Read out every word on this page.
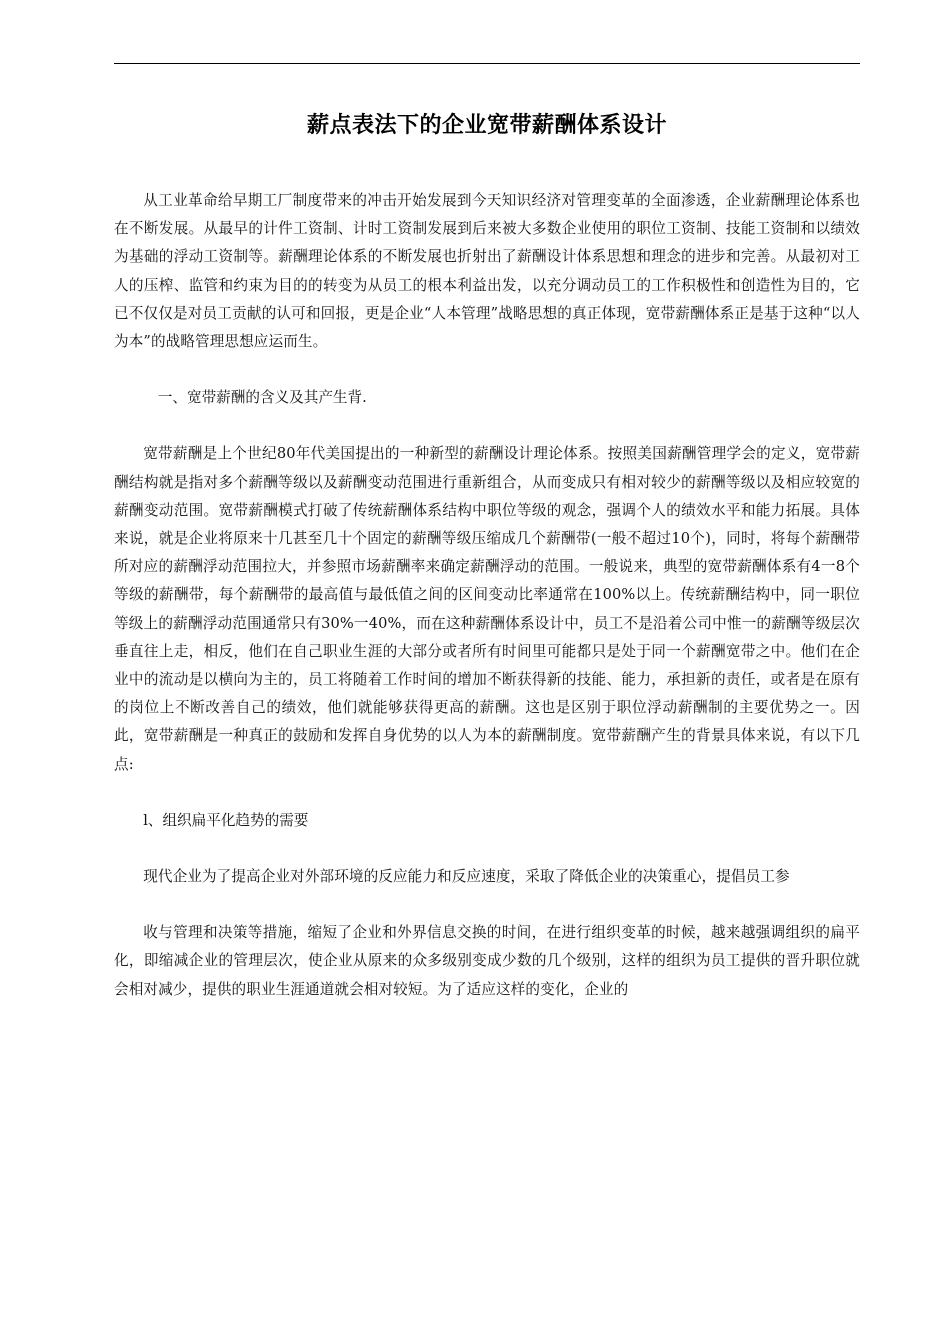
薪点表法下的企业宽带薪酬体系设计

从工业革命给早期工厂制度带来的冲击开始发展到今天知识经济对管理变革的全面渗透，企业薪酬理论体系也在不断发展。从最早的计件工资制、计时工资制发展到后来被大多数企业使用的职位工资制、技能工资制和以绩效为基础的浮动工资制等。薪酬理论体系的不断发展也折射出了薪酬设计体系思想和理念的进步和完善。从最初对工人的压榨、监管和约束为目的的转变为从员工的根本利益出发，以充分调动员工的工作积极性和创造性为目的，它已不仅仅是对员工贡献的认可和回报，更是企业“人本管理”战略思想的真正体现，宽带薪酬体系正是基于这种“以人为本”的战略管理思想应运而生。

一、宽带薪酬的含义及其产生背.

宽带薪酬是上个世纪80年代美国提出的一种新型的薪酬设计理论体系。按照美国薪酬管理学会的定义，宽带薪酬结构就是指对多个薪酬等级以及薪酬变动范围进行重新组合，从而变成只有相对较少的薪酬等级以及相应较宽的薪酬变动范围。宽带薪酬模式打破了传统薪酬体系结构中职位等级的观念，强调个人的绩效水平和能力拓展。具体来说，就是企业将原来十几甚至几十个固定的薪酬等级压缩成几个薪酬带(一般不超过10个)，同时，将每个薪酬带所对应的薪酬浮动范围拉大，并参照市场薪酬率来确定薪酬浮动的范围。一般说来，典型的宽带薪酬体系有4一8个等级的薪酬带，每个薪酬带的最高值与最低值之间的区间变动比率通常在100%以上。传统薪酬结构中，同一职位等级上的薪酬浮动范围通常只有30%一40%，而在这种薪酬体系设计中，员工不是沿着公司中惟一的薪酬等级层次垂直往上走，相反，他们在自己职业生涯的大部分或者所有时间里可能都只是处于同一个薪酬宽带之中。他们在企业中的流动是以横向为主的，员工将随着工作时间的增加不断获得新的技能、能力，承担新的责任，或者是在原有的岗位上不断改善自己的绩效，他们就能够获得更高的薪酬。这也是区别于职位浮动薪酬制的主要优势之一。因此，宽带薪酬是一种真正的鼓励和发挥自身优势的以人为本的薪酬制度。宽带薪酬产生的背景具体来说，有以下几点:

l、组织扁平化趋势的需要

现代企业为了提高企业对外部环境的反应能力和反应速度，采取了降低企业的决策重心，提倡员工参

收与管理和决策等措施，缩短了企业和外界信息交换的时间，在进行组织变革的时候，越来越强调组织的扁平化，即缩减企业的管理层次，使企业从原来的众多级别变成少数的几个级别，这样的组织为员工提供的晋升职位就会相对减少，提供的职业生涯通道就会相对较短。为了适应这样的变化，企业的
